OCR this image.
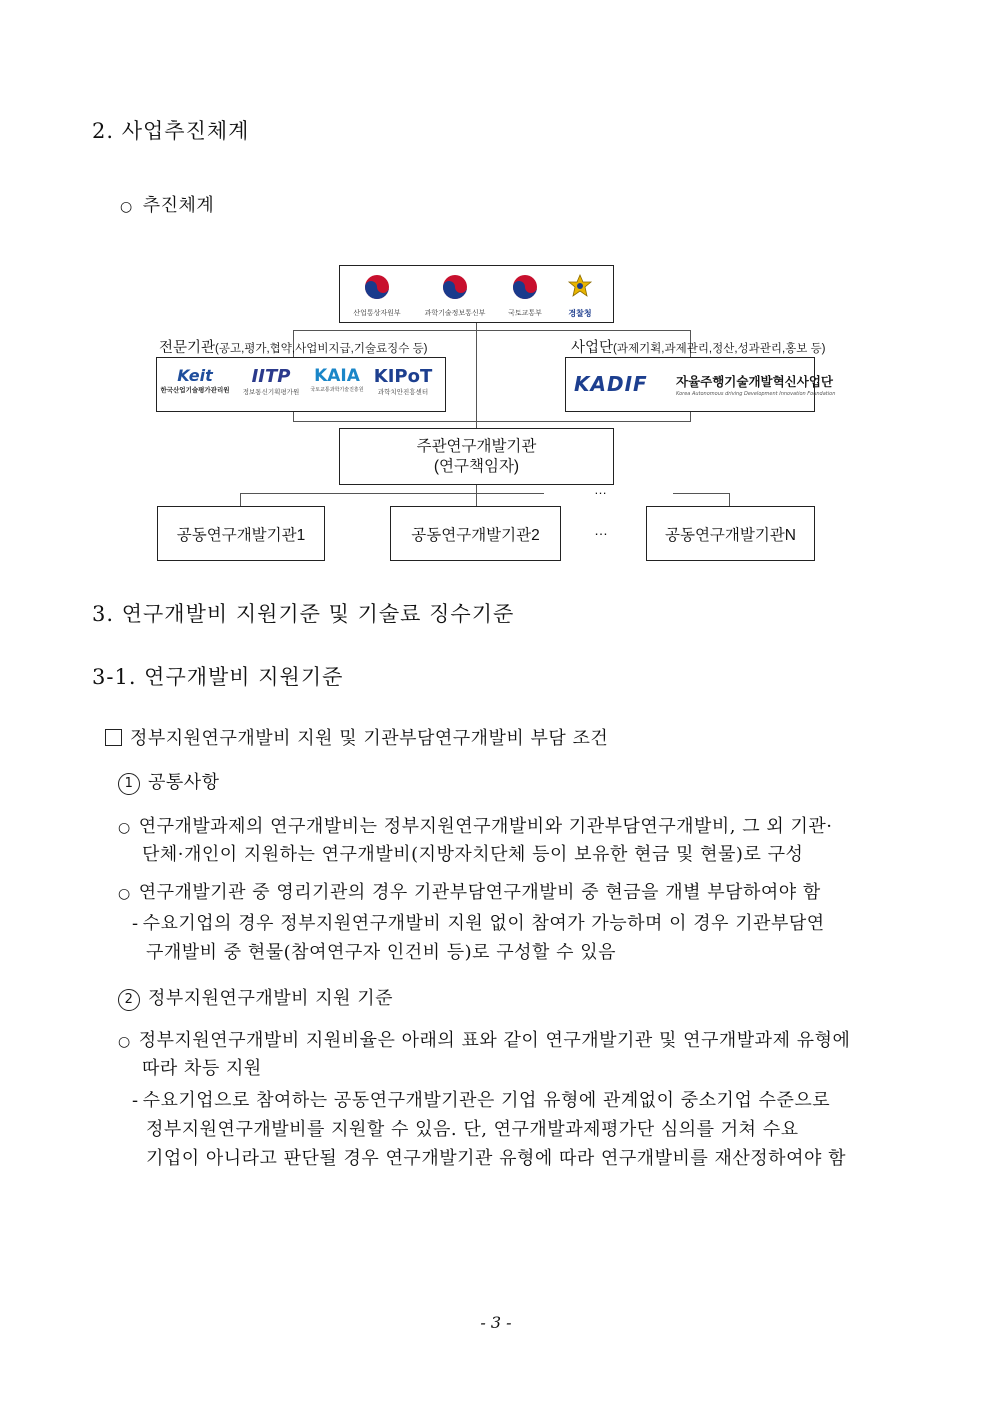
2. 사업추진체계
○ 추진체계
산업통상자원부	과학기술정보통신부	국토교통부	경찰청
전문기관(공고,평가,협약,사업비지급,기술료징수 등)
Keit
한국산업기술평가관리원
IITP
정보통신기획평가원
KAIA
국토교통과학기술진흥원
KIPoT
과학치안진흥센터
사업단(과제기획,과제관리,정산,성과관리,홍보 등)
KADIF 자율주행기술개발혁신사업단
Korea Autonomous driving Development Innovation Foundation
주관연구개발기관
(연구책임자)
…
공동연구개발기관1	공동연구개발기관2	…	공동연구개발기관N
3. 연구개발비 지원기준 및 기술료 징수기준
3-1. 연구개발비 지원기준
정부지원연구개발비 지원 및 기관부담연구개발비 부담 조건
1 공통사항
○ 연구개발과제의 연구개발비는 정부지원연구개발비와 기관부담연구개발비, 그 외 기관·
단체·개인이 지원하는 연구개발비(지방자치단체 등이 보유한 현금 및 현물)로 구성
○ 연구개발기관 중 영리기관의 경우 기관부담연구개발비 중 현금을 개별 부담하여야 함
- 수요기업의 경우 정부지원연구개발비 지원 없이 참여가 가능하며 이 경우 기관부담연
구개발비 중 현물(참여연구자 인건비 등)로 구성할 수 있음
2 정부지원연구개발비 지원 기준
○ 정부지원연구개발비 지원비율은 아래의 표와 같이 연구개발기관 및 연구개발과제 유형에
따라 차등 지원
- 수요기업으로 참여하는 공동연구개발기관은 기업 유형에 관계없이 중소기업 수준으로
정부지원연구개발비를 지원할 수 있음. 단, 연구개발과제평가단 심의를 거쳐 수요
기업이 아니라고 판단될 경우 연구개발기관 유형에 따라 연구개발비를 재산정하여야 함
- 3 -
